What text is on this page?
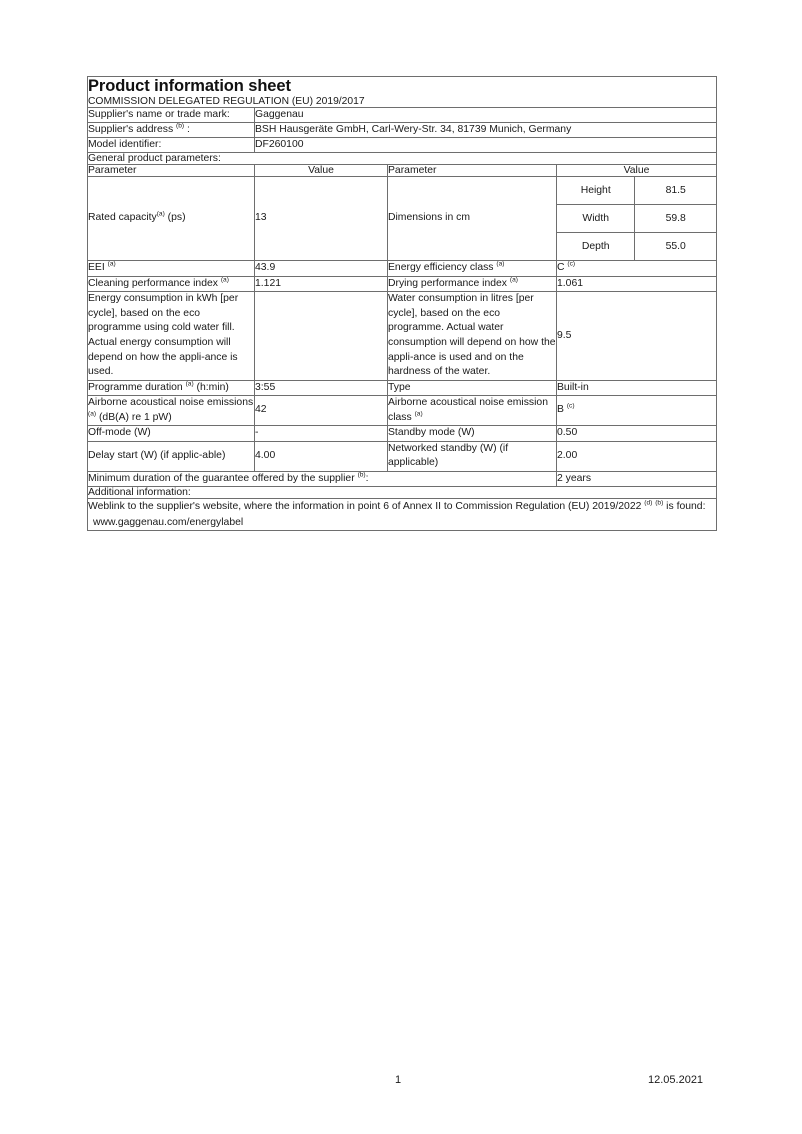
Product information sheet

COMMISSION DELEGATED REGULATION (EU) 2019/2017

Supplier's name or trade mark:	Gaggenau
Supplier's address $^{(b)}$ :	BSH Hausgeräte GmbH, Carl-Wery-Str. 34, 81739 Munich, Germany
Model identifier:	DF260100
General product parameters:
Parameter	Value	Parameter	Value
Rated capacity$^{(a)}$ (ps)	13	Dimensions in cm	
Height	81.5
Width	59.8
Depth	55.0

EEI $^{(a)}$	43.9	Energy efficiency class $^{(a)}$	C $^{(c)}$
Cleaning performance index $^{(a)}$	1.121	Drying performance index $^{(a)}$	1.061
Energy consumption in kWh [per cycle], based on the eco programme using cold water fill. Actual energy consumption will depend on how the appli-ance is used.		Water consumption in litres [per cycle], based on the eco programme. Actual water consumption will depend on how the appli-ance is used and on the hardness of the water.	9.5
Programme duration $^{(a)}$ (h:min)	3:55	Type	Built-in
Airborne acoustical noise emissions $^{(a)}$ (dB(A) re 1 pW)	42	Airborne acoustical noise emission class $^{(a)}$	B $^{(c)}$
Off-mode (W)	-	Standby mode (W)	0.50
Delay start (W) (if applic-able)	4.00	Networked standby (W) (if applicable)	2.00
Minimum duration of the guarantee offered by the supplier $^{(b)}$:	2 years
Additional information:
Weblink to the supplier's website, where the information in point 6 of Annex II to Commission Regulation (EU) 2019/2022 $^{(d)}$ $^{(b)}$ is found:
www.gaggenau.com/energylabel
1	12.05.2021
